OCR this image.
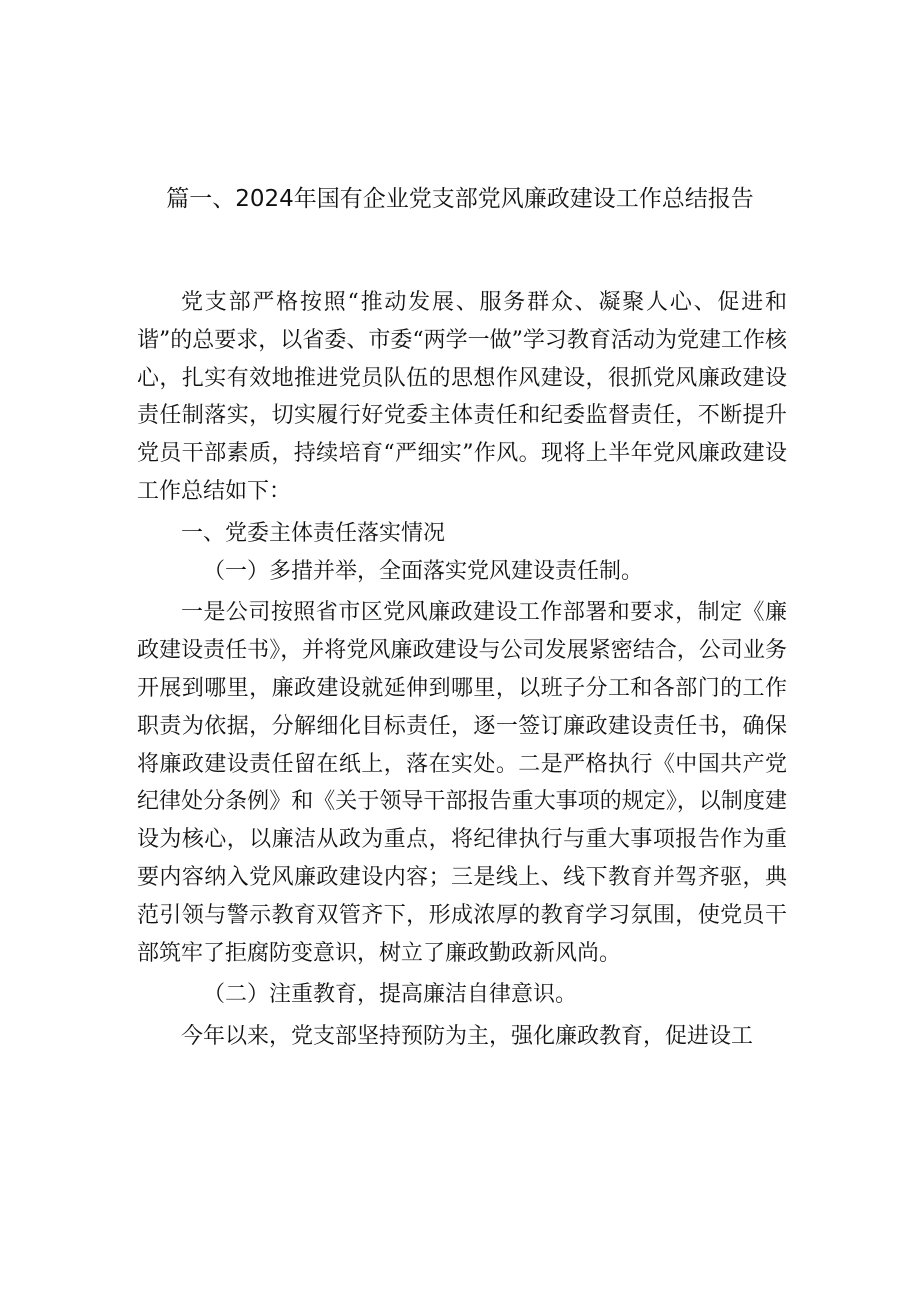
篇一、2024年国有企业党支部党风廉政建设工作总结报告

党支部严格按照“推动发展、服务群众、凝聚人心、促进和谐”的总要求，以省委、市委“两学一做”学习教育活动为党建工作核心，扎实有效地推进党员队伍的思想作风建设，很抓党风廉政建设责任制落实，切实履行好党委主体责任和纪委监督责任，不断提升党员干部素质，持续培育“严细实”作风。现将上半年党风廉政建设工作总结如下：

一、党委主体责任落实情况

（一）多措并举，全面落实党风建设责任制。

一是公司按照省市区党风廉政建设工作部署和要求，制定《廉政建设责任书》，并将党风廉政建设与公司发展紧密结合，公司业务开展到哪里，廉政建设就延伸到哪里，以班子分工和各部门的工作职责为依据，分解细化目标责任，逐一签订廉政建设责任书，确保将廉政建设责任留在纸上，落在实处。二是严格执行《中国共产党纪律处分条例》和《关于领导干部报告重大事项的规定》，以制度建设为核心，以廉洁从政为重点，将纪律执行与重大事项报告作为重要内容纳入党风廉政建设内容；三是线上、线下教育并驾齐驱，典范引领与警示教育双管齐下，形成浓厚的教育学习氛围，使党员干部筑牢了拒腐防变意识，树立了廉政勤政新风尚。

（二）注重教育，提高廉洁自律意识。

今年以来，党支部坚持预防为主，强化廉政教育，促进设工
